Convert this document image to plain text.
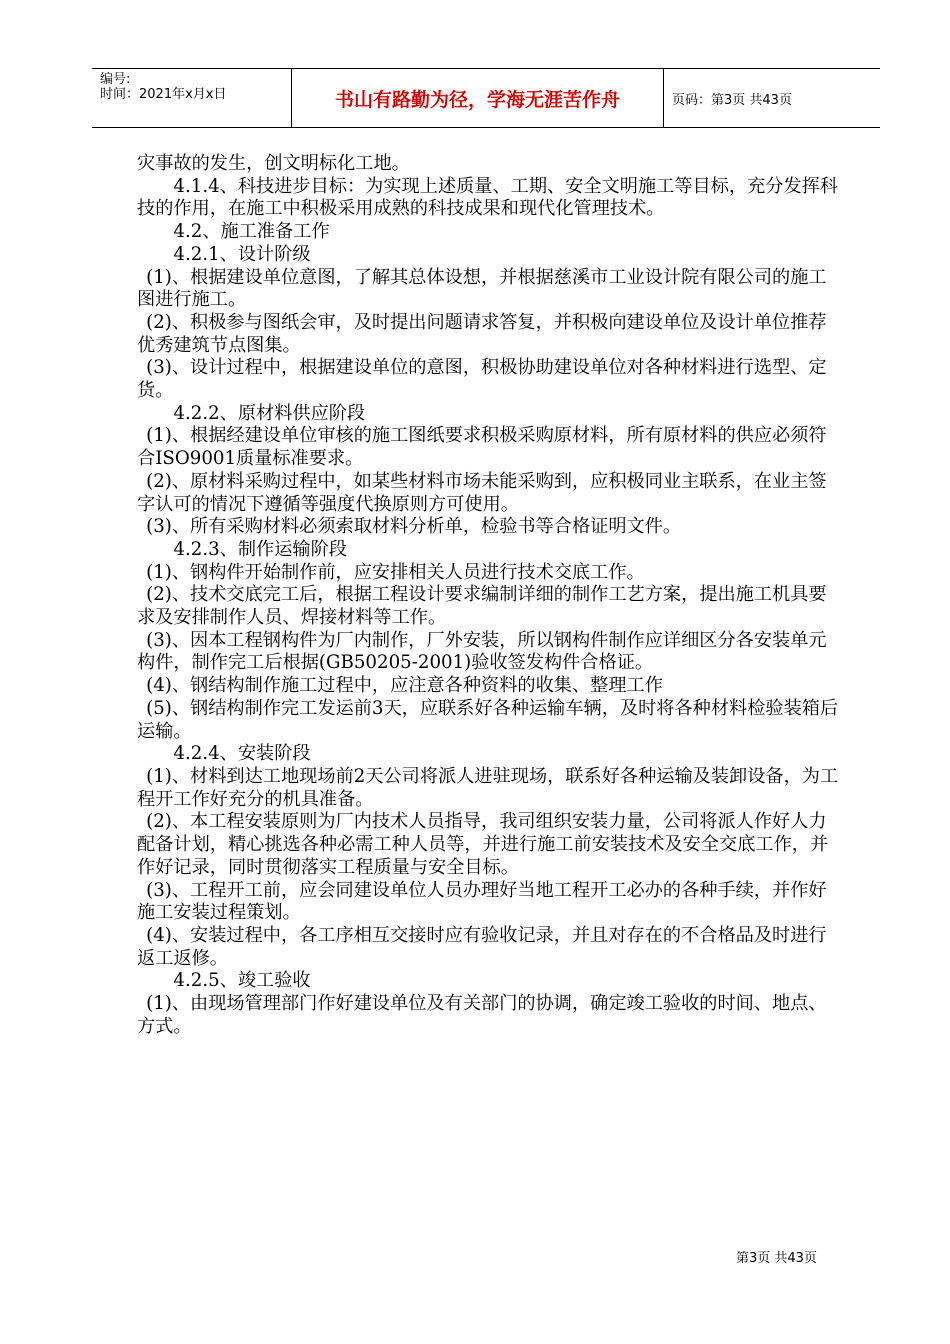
编号:
时间：2021年x月x日	书山有路勤为径，学海无涯苦作舟	页码：第3页 共43页

灾事故的发生，创文明标化工地。

4.1.4、科技进步目标：为实现上述质量、工期、安全文明施工等目标，充分发挥科技的作用，在施工中积极采用成熟的科技成果和现代化管理技术。

4.2、施工准备工作

4.2.1、设计阶级

(1)、根据建设单位意图，了解其总体设想，并根据慈溪市工业设计院有限公司的施工图进行施工。

(2)、积极参与图纸会审，及时提出问题请求答复，并积极向建设单位及设计单位推荐优秀建筑节点图集。

(3)、设计过程中，根据建设单位的意图，积极协助建设单位对各种材料进行选型、定货。

4.2.2、原材料供应阶段

(1)、根据经建设单位审核的施工图纸要求积极采购原材料，所有原材料的供应必须符合ISO9001质量标准要求。

(2)、原材料采购过程中，如某些材料市场未能采购到，应积极同业主联系，在业主签字认可的情况下遵循等强度代换原则方可使用。

(3)、所有采购材料必须索取材料分析单，检验书等合格证明文件。

4.2.3、制作运输阶段

(1)、钢构件开始制作前，应安排相关人员进行技术交底工作。

(2)、技术交底完工后，根据工程设计要求编制详细的制作工艺方案，提出施工机具要求及安排制作人员、焊接材料等工作。

(3)、因本工程钢构件为厂内制作，厂外安装，所以钢构件制作应详细区分各安装单元构件，制作完工后根据(GB50205-2001)验收签发构件合格证。

(4)、钢结构制作施工过程中，应注意各种资料的收集、整理工作

(5)、钢结构制作完工发运前3天，应联系好各种运输车辆，及时将各种材料检验装箱后运输。

4.2.4、安装阶段

(1)、材料到达工地现场前2天公司将派人进驻现场，联系好各种运输及装卸设备，为工程开工作好充分的机具准备。

(2)、本工程安装原则为厂内技术人员指导，我司组织安装力量，公司将派人作好人力配备计划，精心挑选各种必需工种人员等，并进行施工前安装技术及安全交底工作，并作好记录，同时贯彻落实工程质量与安全目标。

(3)、工程开工前，应会同建设单位人员办理好当地工程开工必办的各种手续，并作好施工安装过程策划。

(4)、安装过程中，各工序相互交接时应有验收记录，并且对存在的不合格品及时进行返工返修。

4.2.5、竣工验收

(1)、由现场管理部门作好建设单位及有关部门的协调，确定竣工验收的时间、地点、方式。

第3页 共43页
